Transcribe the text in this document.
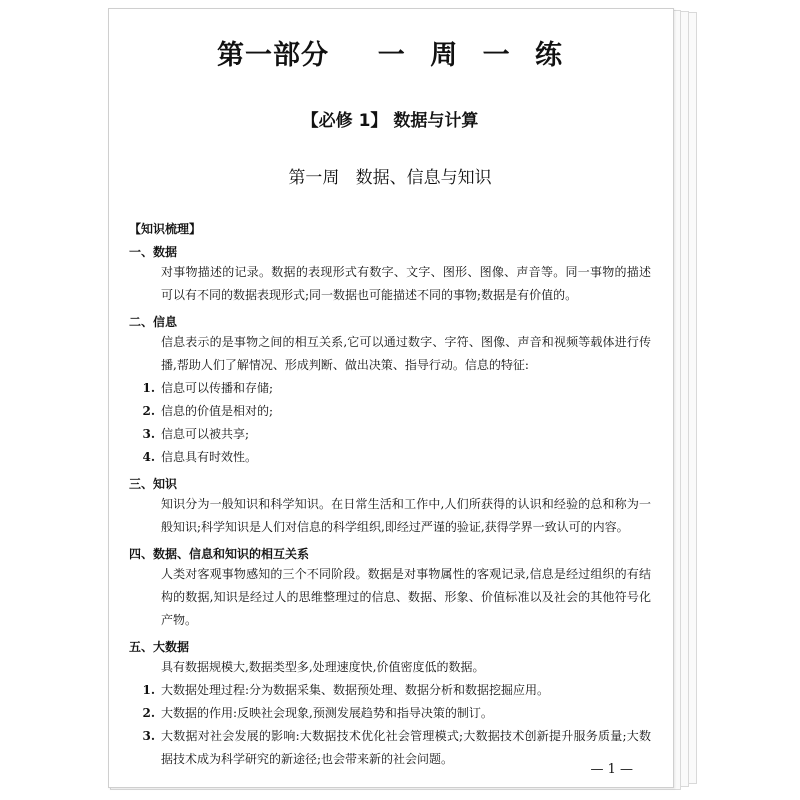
第一部分  一 周 一 练
【必修 1】 数据与计算
第一周   数据、信息与知识
【知识梳理】
一、数据
对事物描述的记录。数据的表现形式有数字、文字、图形、图像、声音等。同一事物的描述可以有不同的数据表现形式;同一数据也可能描述不同的事物;数据是有价值的。
二、信息
信息表示的是事物之间的相互关系,它可以通过数字、字符、图像、声音和视频等载体进行传播,帮助人们了解情况、形成判断、做出决策、指导行动。信息的特征:
1. 信息可以传播和存储;
2. 信息的价值是相对的;
3. 信息可以被共享;
4. 信息具有时效性。
三、知识
知识分为一般知识和科学知识。在日常生活和工作中,人们所获得的认识和经验的总和称为一般知识;科学知识是人们对信息的科学组织,即经过严谨的验证,获得学界一致认可的内容。
四、数据、信息和知识的相互关系
人类对客观事物感知的三个不同阶段。数据是对事物属性的客观记录,信息是经过组织的有结构的数据,知识是经过人的思维整理过的信息、数据、形象、价值标准以及社会的其他符号化产物。
五、大数据
具有数据规模大,数据类型多,处理速度快,价值密度低的数据。
1. 大数据处理过程:分为数据采集、数据预处理、数据分析和数据挖掘应用。
2. 大数据的作用:反映社会现象,预测发展趋势和指导决策的制订。
3. 大数据对社会发展的影响:大数据技术优化社会管理模式;大数据技术创新提升服务质量;大数据技术成为科学研究的新途径;也会带来新的社会问题。
— 1 —
